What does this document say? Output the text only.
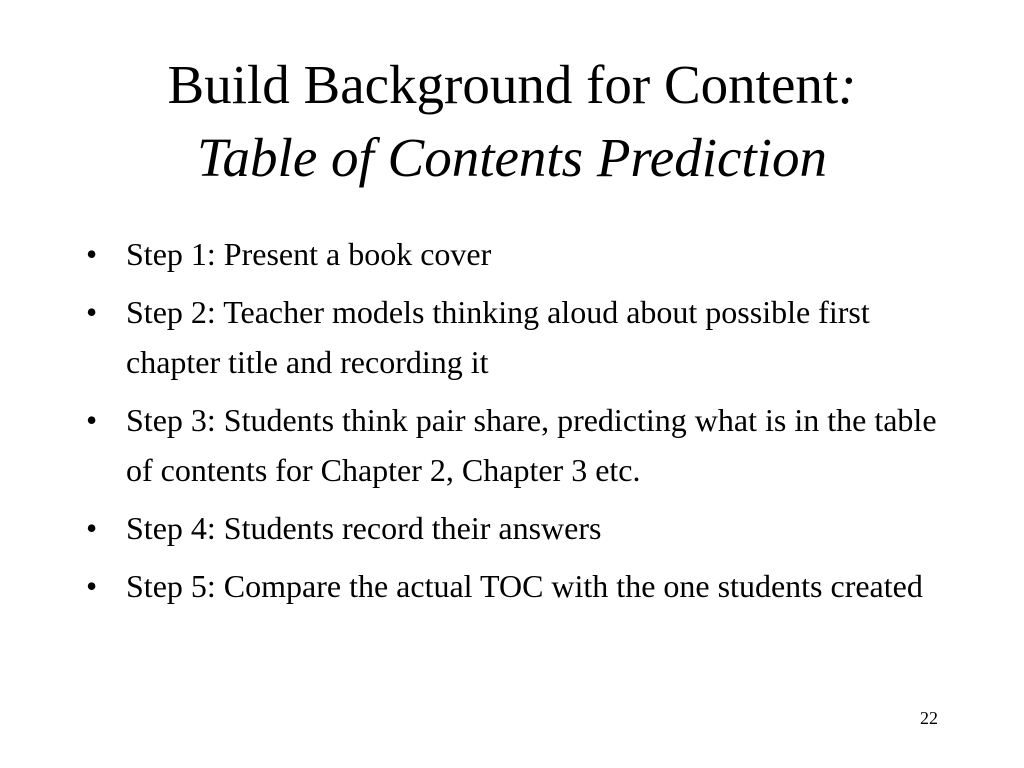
Build Background for Content:
Table of Contents Prediction
• Step 1: Present a book cover
• Step 2: Teacher models thinking aloud about possible first chapter title and recording it
• Step 3: Students think pair share, predicting what is in the table of contents for Chapter 2, Chapter 3 etc.
• Step 4: Students record their answers
• Step 5: Compare the actual TOC with the one students created
22
